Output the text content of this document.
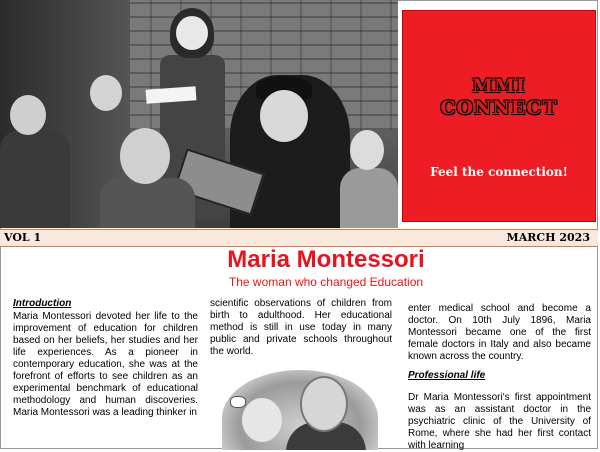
MMI
CONNECT
Feel the connection!
VOL 1	MARCH 2023
Maria Montessori
The woman who changed Education
Introduction
Maria Montessori devoted her life to the improvement of education for children based on her beliefs, her studies and her life experiences. As a pioneer in contemporary education, she was at the forefront of efforts to see children as an experimental benchmark of educational methodology and human discoveries. Maria Montessori was a leading thinker in
scientific observations of children from birth to adulthood. Her educational method is still in use today in many public and private schools throughout the world.
enter medical school and become a doctor. On 10th July 1896, Maria Montessori became one of the first female doctors in Italy and also became known across the country.
Professional life
Dr Maria Montessori's first appointment was as an assistant doctor in the psychiatric clinic of the University of Rome, where she had her first contact with learning
